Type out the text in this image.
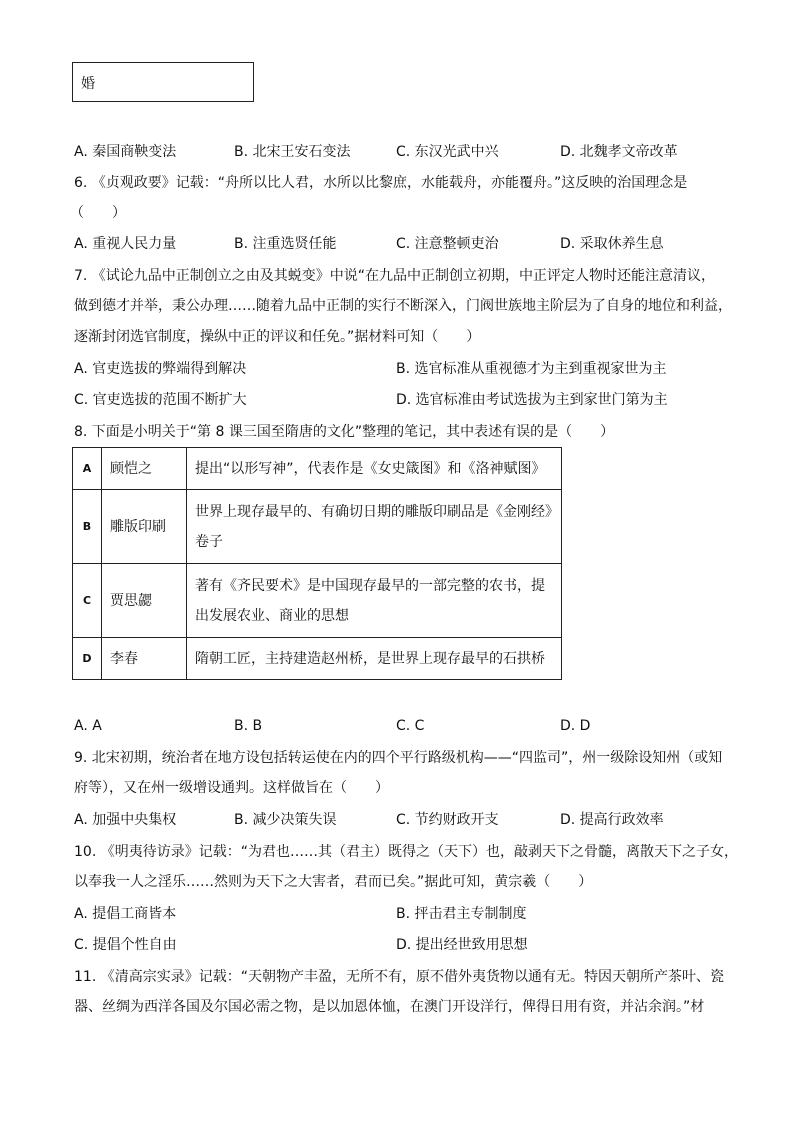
婚
A. 秦国商鞅变法	B. 北宋王安石变法	C. 东汉光武中兴	D. 北魏孝文帝改革
6. 《贞观政要》记载：“舟所以比人君，水所以比黎庶，水能载舟，亦能覆舟。”这反映的治国理念是
（　　）
A. 重视人民力量	B. 注重选贤任能	C. 注意整顿吏治	D. 采取休养生息
7. 《试论九品中正制创立之由及其蜕变》中说“在九品中正制创立初期，中正评定人物时还能注意清议，
做到德才并举，秉公办理……随着九品中正制的实行不断深入，门阀世族地主阶层为了自身的地位和利益，
逐渐封闭选官制度，操纵中正的评议和任免。”据材料可知（　　）
A. 官吏选拔的弊端得到解决	B. 选官标准从重视德才为主到重视家世为主
C. 官吏选拔的范围不断扩大	D. 选官标准由考试选拔为主到家世门第为主
8. 下面是小明关于“第 8 课三国至隋唐的文化”整理的笔记，其中表述有误的是（　　）
A	顾恺之	提出“以形写神”，代表作是《女史箴图》和《洛神赋图》
B	雕版印刷	世界上现存最早的、有确切日期的雕版印刷品是《金刚经》卷子
C	贾思勰	著有《齐民要术》是中国现存最早的一部完整的农书，提出发展农业、商业的思想
D	李春	隋朝工匠，主持建造赵州桥，是世界上现存最早的石拱桥
A. A	B. B	C. C	D. D
9. 北宋初期，统治者在地方设包括转运使在内的四个平行路级机构——“四监司”，州一级除设知州（或知
府等），又在州一级增设通判。这样做旨在（　　）
A. 加强中央集权	B. 减少决策失误	C. 节约财政开支	D. 提高行政效率
10. 《明夷待访录》记载：“为君也……其（君主）既得之（天下）也，敲剥天下之骨髓，离散天下之子女，
以奉我一人之淫乐……然则为天下之大害者，君而已矣。”据此可知，黄宗羲（　　）
A. 提倡工商皆本	B. 抨击君主专制制度
C. 提倡个性自由	D. 提出经世致用思想
11. 《清高宗实录》记载：“天朝物产丰盈，无所不有，原不借外夷货物以通有无。特因天朝所产茶叶、瓷
器、丝绸为西洋各国及尔国必需之物，是以加恩体恤，在澳门开设洋行，俾得日用有资，并沾余润。”材
